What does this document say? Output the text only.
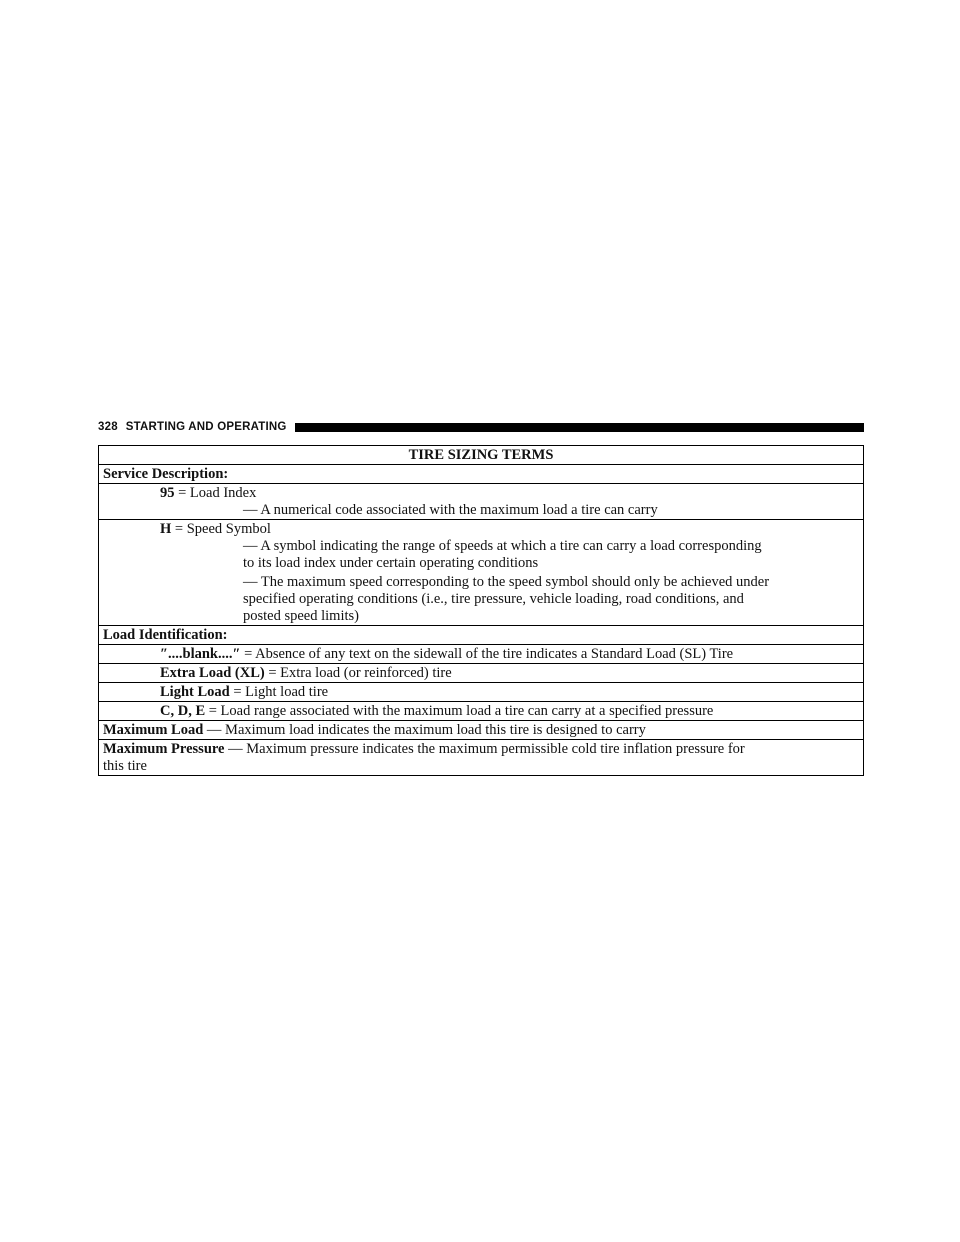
328 STARTING AND OPERATING
TIRE SIZING TERMS
Service Description:

95 = Load Index
— A numerical code associated with the maximum load a tire can carry

H = Speed Symbol
— A symbol indicating the range of speeds at which a tire can carry a load corresponding
to its load index under certain operating conditions
— The maximum speed corresponding to the speed symbol should only be achieved under
specified operating conditions (i.e., tire pressure, vehicle loading, road conditions, and
posted speed limits)

Load Identification:

″....blank....″ = Absence of any text on the sidewall of the tire indicates a Standard Load (SL) Tire

Extra Load (XL) = Extra load (or reinforced) tire

Light Load = Light load tire

C, D, E = Load range associated with the maximum load a tire can carry at a specified pressure

Maximum Load — Maximum load indicates the maximum load this tire is designed to carry

Maximum Pressure — Maximum pressure indicates the maximum permissible cold tire inflation pressure for
this tire
